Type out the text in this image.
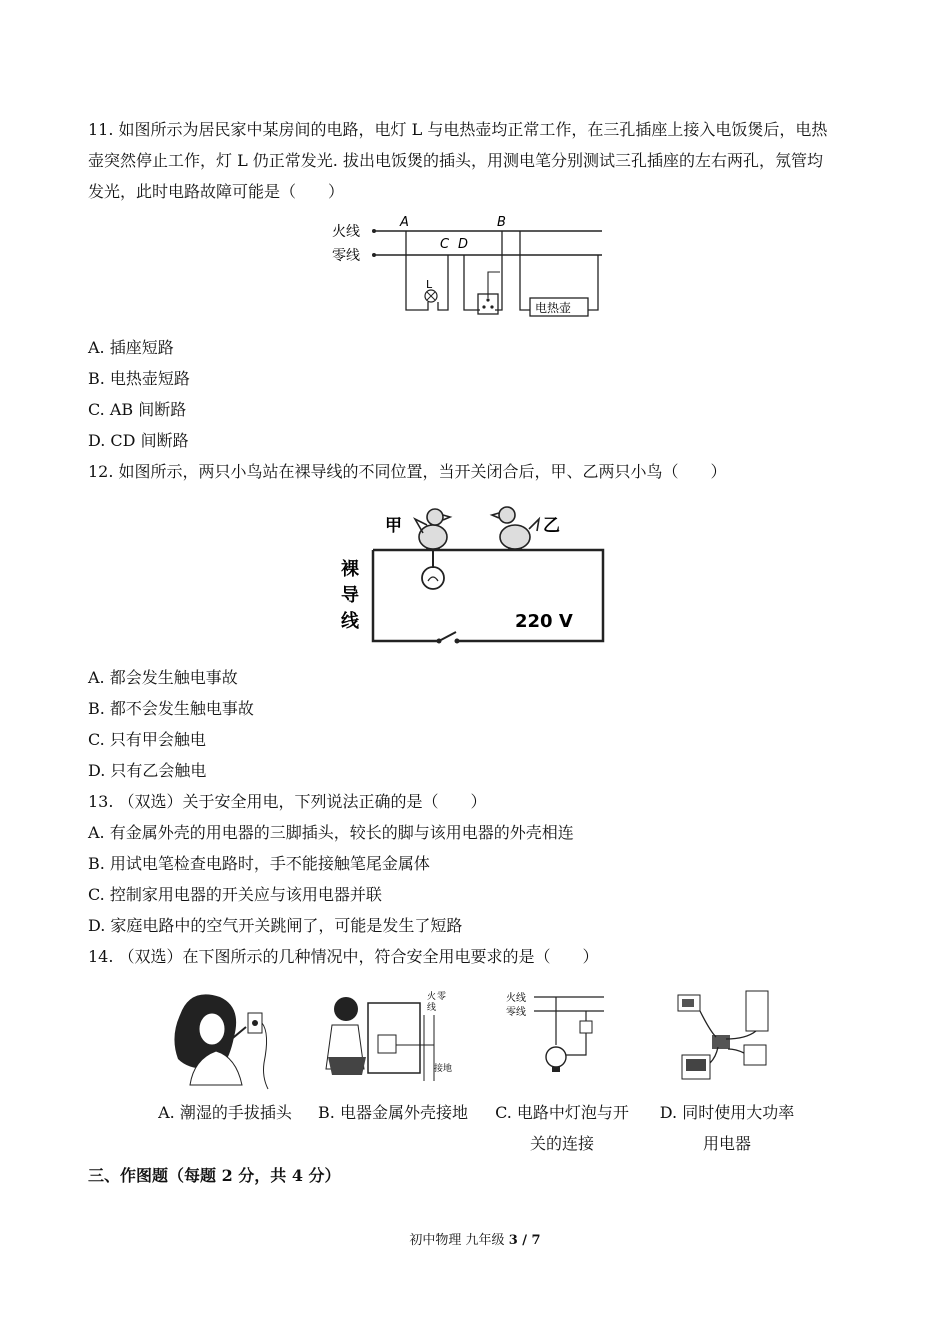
11. 如图所示为居民家中某房间的电路，电灯 L 与电热壶均正常工作，在三孔插座上接入电饭煲后，电热
壶突然停止工作，灯 L 仍正常发光. 拔出电饭煲的插头，用测电笔分别测试三孔插座的左右两孔，氖管均
发光，此时电路故障可能是（　　）
火线
零线
A	B
C D
L
电热壶
A. 插座短路
B. 电热壶短路
C. AB 间断路
D. CD 间断路
12. 如图所示，两只小鸟站在裸导线的不同位置，当开关闭合后，甲、乙两只小鸟（　　）
甲	乙
裸
导
线	220 V
A. 都会发生触电事故
B. 都不会发生触电事故
C. 只有甲会触电
D. 只有乙会触电
13. （双选）关于安全用电，下列说法正确的是（　　）
A. 有金属外壳的用电器的三脚插头，较长的脚与该用电器的外壳相连
B. 用试电笔检查电路时，手不能接触笔尾金属体
C. 控制家用电器的开关应与该用电器并联
D. 家庭电路中的空气开关跳闸了，可能是发生了短路
14. （双选）在下图所示的几种情况中，符合安全用电要求的是（　　）
火 零
线
接地
火线
零线
A. 潮湿的手拔插头	B. 电器金属外壳接地	C. 电路中灯泡与开
关的连接
D. 同时使用大功率
用电器
三、作图题（每题 2 分，共 4 分）
初中物理 九年级 3 / 7
